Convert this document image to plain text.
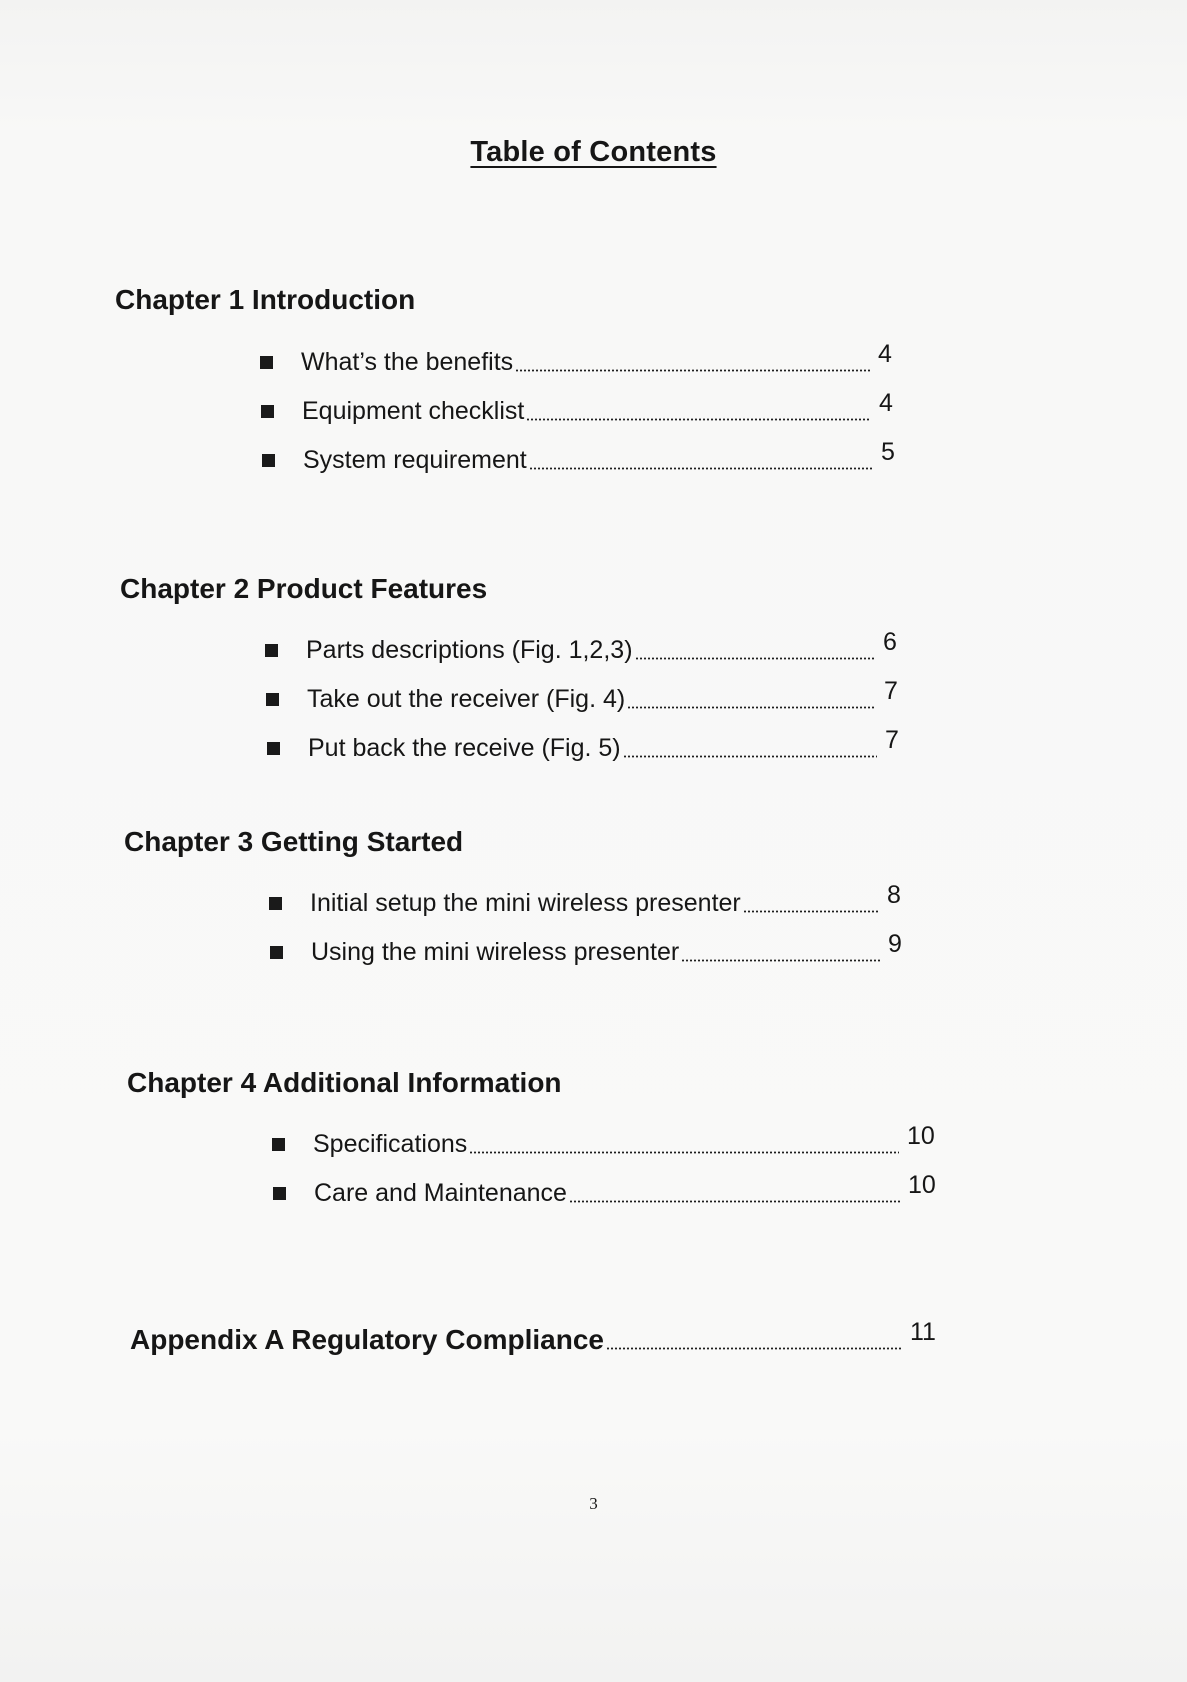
Table of Contents
Chapter 1 Introduction
What’s the benefits	4
Equipment checklist	4
System requirement	5
Chapter 2 Product Features
Parts descriptions (Fig. 1,2,3)	6
Take out the receiver (Fig. 4)	7
Put back the receive (Fig. 5)	7
Chapter 3 Getting Started
Initial setup the mini wireless presenter	8
Using the mini wireless presenter	9
Chapter 4 Additional Information
Specifications	10
Care and Maintenance	10
Appendix A Regulatory Compliance	11
3
